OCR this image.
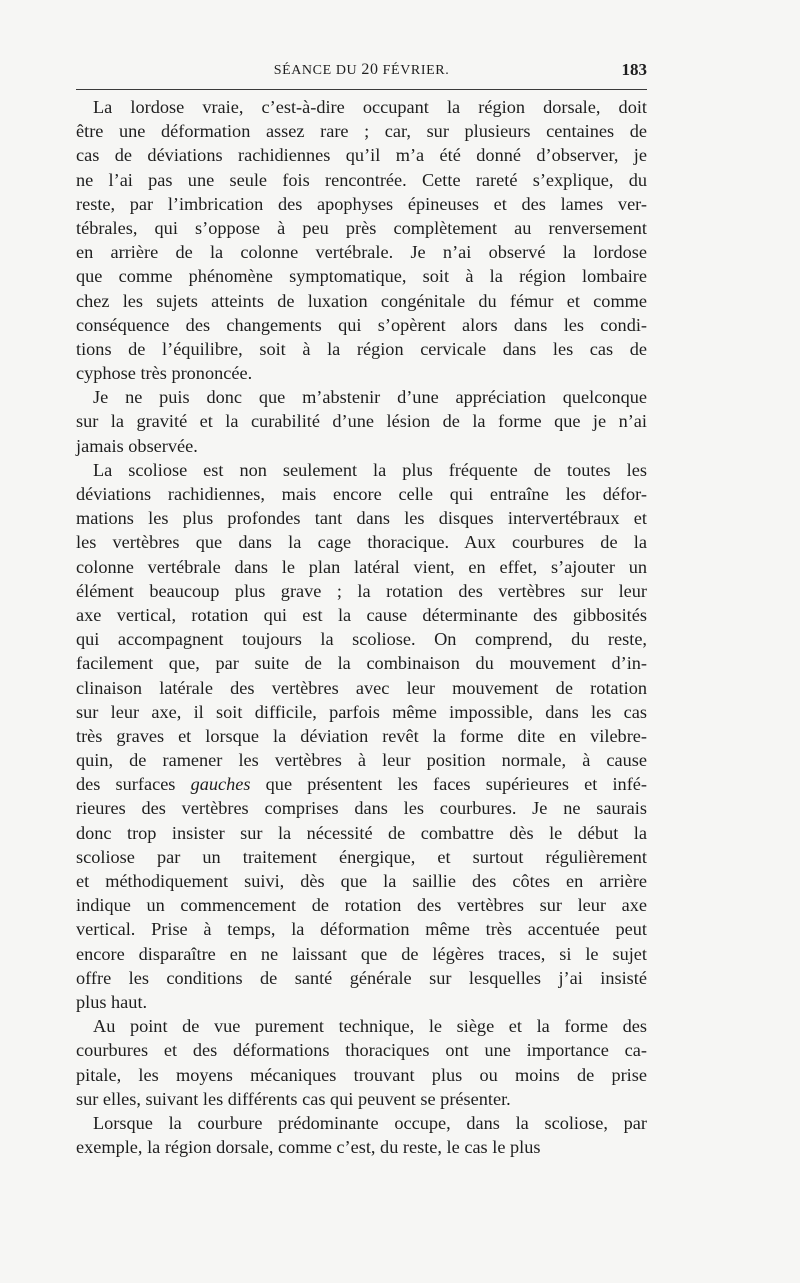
SÉANCE DU 20 FÉVRIER.	183
La lordose vraie, c’est-à-dire occupant la région dorsale, doit
être une déformation assez rare ; car, sur plusieurs centaines de
cas de déviations rachidiennes qu’il m’a été donné d’observer, je
ne l’ai pas une seule fois rencontrée. Cette rareté s’explique, du
reste, par l’imbrication des apophyses épineuses et des lames ver-
tébrales, qui s’oppose à peu près complètement au renversement
en arrière de la colonne vertébrale. Je n’ai observé la lordose
que comme phénomène symptomatique, soit à la région lombaire
chez les sujets atteints de luxation congénitale du fémur et comme
conséquence des changements qui s’opèrent alors dans les condi-
tions de l’équilibre, soit à la région cervicale dans les cas de
cyphose très prononcée.
Je ne puis donc que m’abstenir d’une appréciation quelconque
sur la gravité et la curabilité d’une lésion de la forme que je n’ai
jamais observée.
La scoliose est non seulement la plus fréquente de toutes les
déviations rachidiennes, mais encore celle qui entraîne les défor-
mations les plus profondes tant dans les disques intervertébraux et
les vertèbres que dans la cage thoracique. Aux courbures de la
colonne vertébrale dans le plan latéral vient, en effet, s’ajouter un
élément beaucoup plus grave ; la rotation des vertèbres sur leur
axe vertical, rotation qui est la cause déterminante des gibbosités
qui accompagnent toujours la scoliose. On comprend, du reste,
facilement que, par suite de la combinaison du mouvement d’in-
clinaison latérale des vertèbres avec leur mouvement de rotation
sur leur axe, il soit difficile, parfois même impossible, dans les cas
très graves et lorsque la déviation revêt la forme dite en vilebre-
quin, de ramener les vertèbres à leur position normale, à cause
des surfaces gauches que présentent les faces supérieures et infé-
rieures des vertèbres comprises dans les courbures. Je ne saurais
donc trop insister sur la nécessité de combattre dès le début la
scoliose par un traitement énergique, et surtout régulièrement
et méthodiquement suivi, dès que la saillie des côtes en arrière
indique un commencement de rotation des vertèbres sur leur axe
vertical. Prise à temps, la déformation même très accentuée peut
encore disparaître en ne laissant que de légères traces, si le sujet
offre les conditions de santé générale sur lesquelles j’ai insisté
plus haut.
Au point de vue purement technique, le siège et la forme des
courbures et des déformations thoraciques ont une importance ca-
pitale, les moyens mécaniques trouvant plus ou moins de prise
sur elles, suivant les différents cas qui peuvent se présenter.
Lorsque la courbure prédominante occupe, dans la scoliose, par
exemple, la région dorsale, comme c’est, du reste, le cas le plus
